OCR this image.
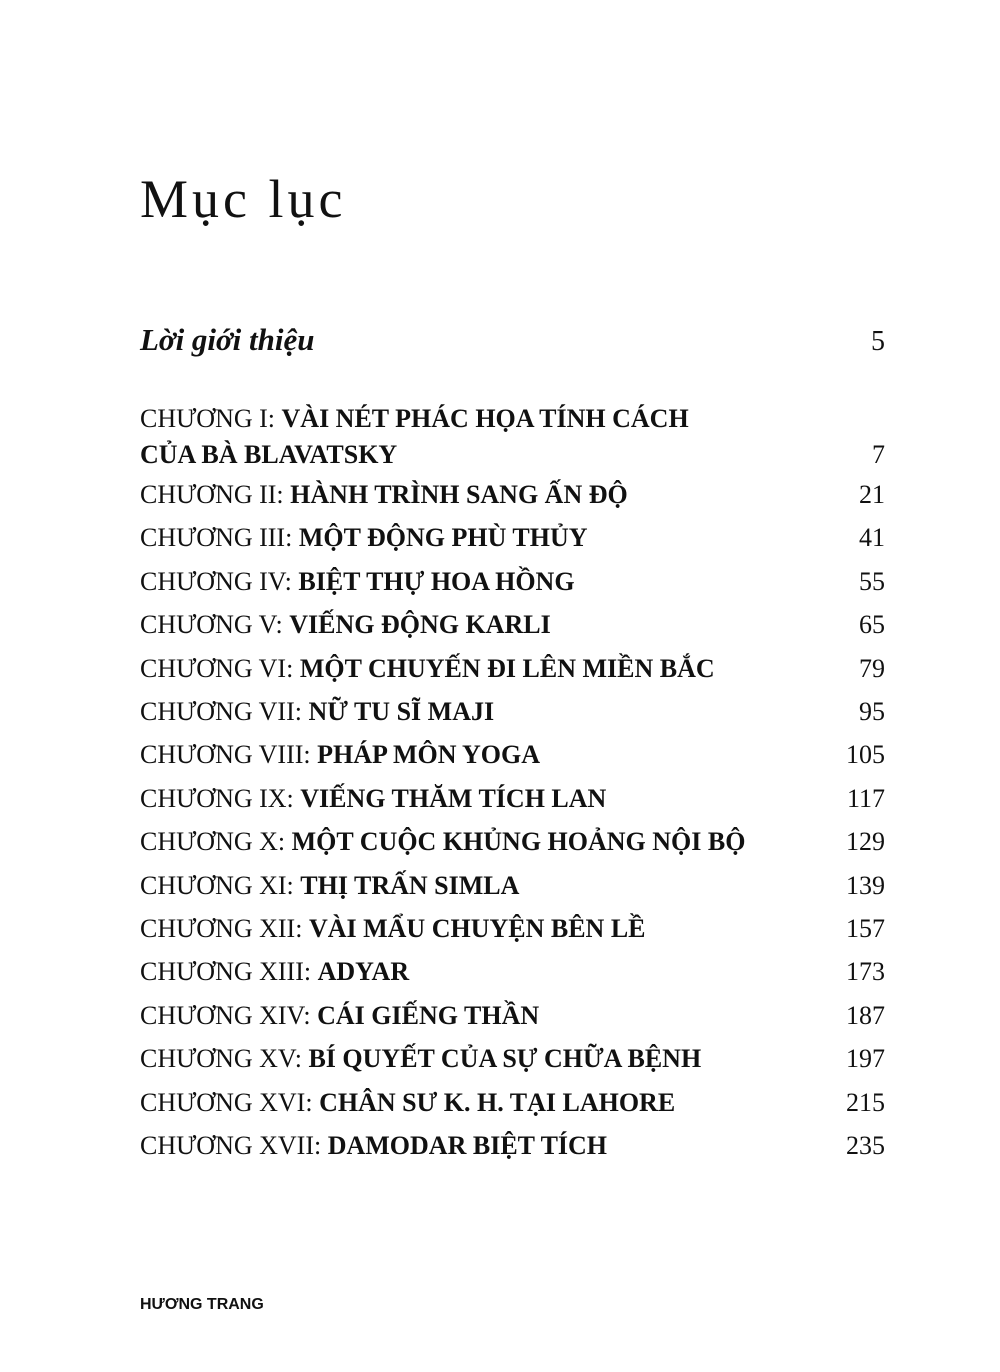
Mục lục
Lời giới thiệu	5
CHƯƠNG I: VÀI NÉT PHÁC HỌA TÍNH CÁCH
CỦA BÀ BLAVATSKY	7
CHƯƠNG II: HÀNH TRÌNH SANG ẤN ĐỘ	21
CHƯƠNG III: MỘT ĐỘNG PHÙ THỦY	41
CHƯƠNG IV: BIỆT THỰ HOA HỒNG	55
CHƯƠNG V: VIẾNG ĐỘNG KARLI	65
CHƯƠNG VI: MỘT CHUYẾN ĐI LÊN MIỀN BẮC	79
CHƯƠNG VII: NỮ TU SĨ MAJI	95
CHƯƠNG VIII: PHÁP MÔN YOGA	105
CHƯƠNG IX: VIẾNG THĂM TÍCH LAN	117
CHƯƠNG X: MỘT CUỘC KHỦNG HOẢNG NỘI BỘ	129
CHƯƠNG XI: THỊ TRẤN SIMLA	139
CHƯƠNG XII: VÀI MẨU CHUYỆN BÊN LỀ	157
CHƯƠNG XIII: ADYAR	173
CHƯƠNG XIV: CÁI GIẾNG THẦN	187
CHƯƠNG XV: BÍ QUYẾT CỦA SỰ CHỮA BỆNH	197
CHƯƠNG XVI: CHÂN SƯ K. H. TẠI LAHORE	215
CHƯƠNG XVII: DAMODAR BIỆT TÍCH	235
HƯƠNG TRANG
